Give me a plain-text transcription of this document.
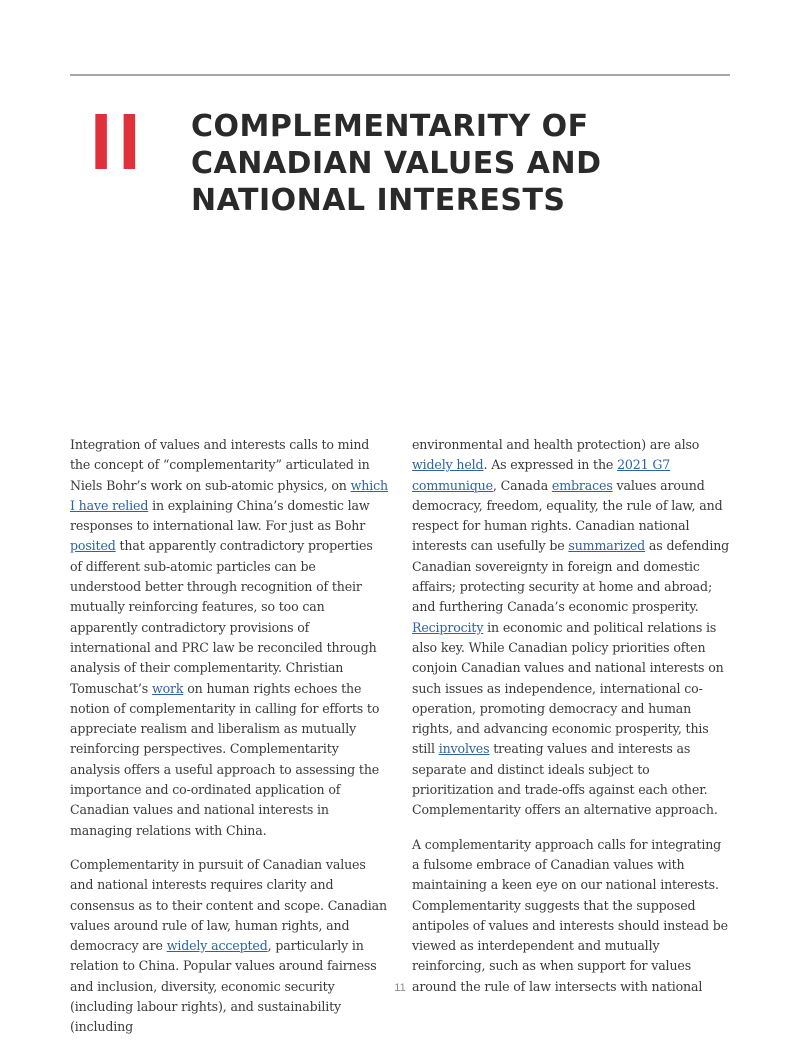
II COMPLEMENTARITY OF
CANADIAN VALUES AND
NATIONAL INTERESTS

Integration of values and interests calls to mind the concept of “complementarity” articulated in Niels Bohr’s work on sub-atomic physics, on which I have relied in explaining China’s domestic law responses to international law. For just as Bohr posited that apparently contradictory properties of different sub-atomic particles can be understood better through recognition of their mutually reinforcing features, so too can apparently contradictory provisions of international and PRC law be reconciled through analysis of their complementarity. Christian Tomuschat’s work on human rights echoes the notion of complementarity in calling for efforts to appreciate realism and liberalism as mutually reinforcing perspectives. Complementarity analysis offers a useful approach to assessing the importance and co-ordinated application of Canadian values and national interests in managing relations with China.

Complementarity in pursuit of Canadian values and national interests requires clarity and consensus as to their content and scope. Canadian values around rule of law, human rights, and democracy are widely accepted, particularly in relation to China. Popular values around fairness and inclusion, diversity, economic security (including labour rights), and sustainability (including

environmental and health protection) are also widely held. As expressed in the 2021 G7 communique, Canada embraces values around democracy, freedom, equality, the rule of law, and respect for human rights. Canadian national interests can usefully be summarized as defending Canadian sovereignty in foreign and domestic affairs; protecting security at home and abroad; and furthering Canada’s economic prosperity. Reciprocity in economic and political relations is also key. While Canadian policy priorities often conjoin Canadian values and national interests on such issues as independence, international co-operation, promoting democracy and human rights, and advancing economic prosperity, this still involves treating values and interests as separate and distinct ideals subject to prioritization and trade-offs against each other. Complementarity offers an alternative approach.

A complementarity approach calls for integrating a fulsome embrace of Canadian values with maintaining a keen eye on our national interests. Complementarity suggests that the supposed antipoles of values and interests should instead be viewed as interdependent and mutually reinforcing, such as when support for values around the rule of law intersects with national

11
